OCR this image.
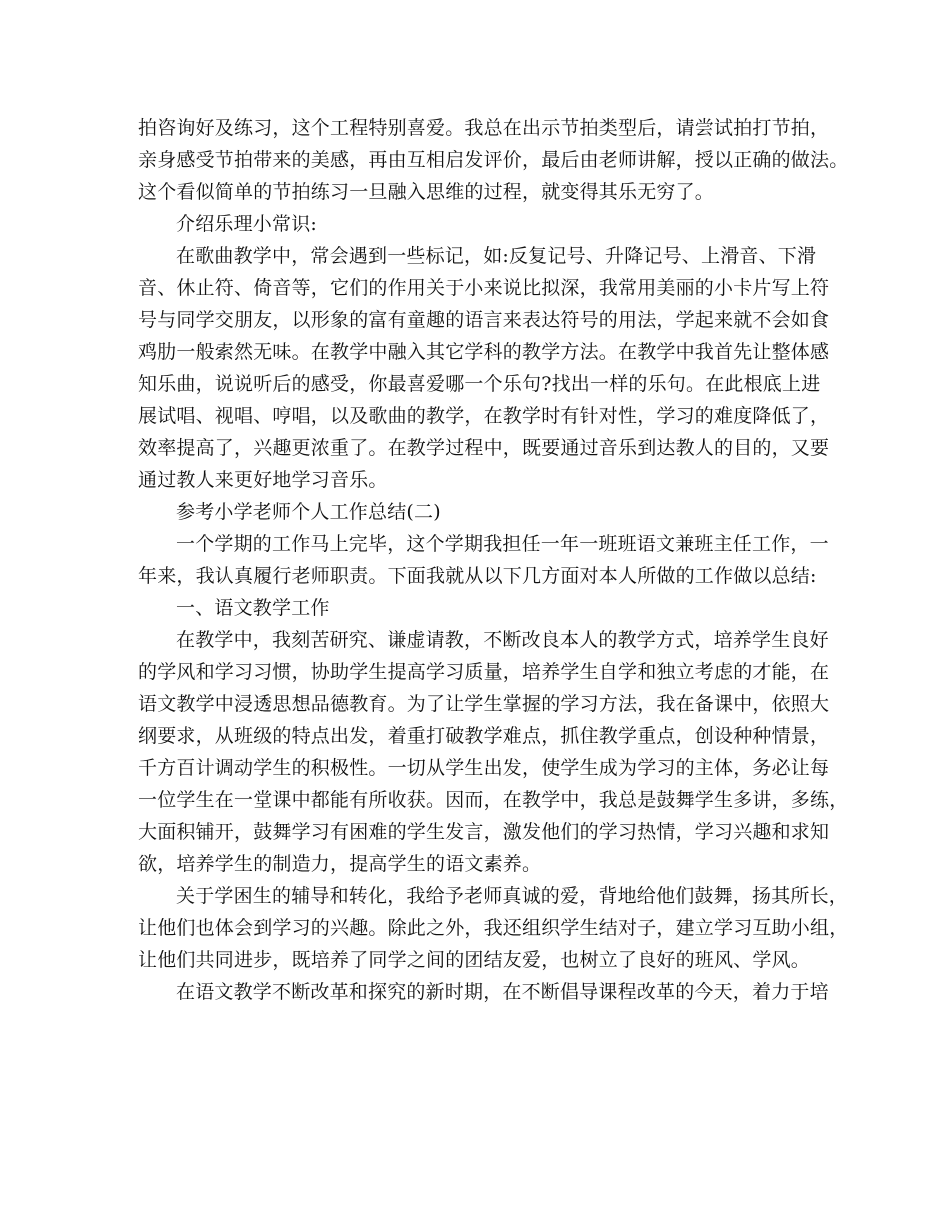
拍咨询好及练习，这个工程特别喜爱。我总在出示节拍类型后，请尝试拍打节拍，
亲身感受节拍带来的美感，再由互相启发评价，最后由老师讲解，授以正确的做法。
这个看似简单的节拍练习一旦融入思维的过程，就变得其乐无穷了。

介绍乐理小常识:

在歌曲教学中，常会遇到一些标记，如:反复记号、升降记号、上滑音、下滑
音、休止符、倚音等，它们的作用关于小来说比拟深，我常用美丽的小卡片写上符
号与同学交朋友，以形象的富有童趣的语言来表达符号的用法，学起来就不会如食
鸡肋一般索然无味。在教学中融入其它学科的教学方法。在教学中我首先让整体感
知乐曲，说说听后的感受，你最喜爱哪一个乐句?找出一样的乐句。在此根底上进
展试唱、视唱、哼唱，以及歌曲的教学，在教学时有针对性，学习的难度降低了，
效率提高了，兴趣更浓重了。在教学过程中，既要通过音乐到达教人的目的，又要
通过教人来更好地学习音乐。

参考小学老师个人工作总结(二)

一个学期的工作马上完毕，这个学期我担任一年一班班语文兼班主任工作，一
年来，我认真履行老师职责。下面我就从以下几方面对本人所做的工作做以总结:

一、语文教学工作

在教学中，我刻苦研究、谦虚请教，不断改良本人的教学方式，培养学生良好
的学风和学习习惯，协助学生提高学习质量，培养学生自学和独立考虑的才能，在
语文教学中浸透思想品德教育。为了让学生掌握的学习方法，我在备课中，依照大
纲要求，从班级的特点出发，着重打破教学难点，抓住教学重点，创设种种情景，
千方百计调动学生的积极性。一切从学生出发，使学生成为学习的主体，务必让每
一位学生在一堂课中都能有所收获。因而，在教学中，我总是鼓舞学生多讲，多练，
大面积铺开，鼓舞学习有困难的学生发言，激发他们的学习热情，学习兴趣和求知
欲，培养学生的制造力，提高学生的语文素养。

关于学困生的辅导和转化，我给予老师真诚的爱，背地给他们鼓舞，扬其所长，
让他们也体会到学习的兴趣。除此之外，我还组织学生结对子，建立学习互助小组，
让他们共同进步，既培养了同学之间的团结友爱，也树立了良好的班风、学风。

在语文教学不断改革和探究的新时期，在不断倡导课程改革的今天，着力于培
